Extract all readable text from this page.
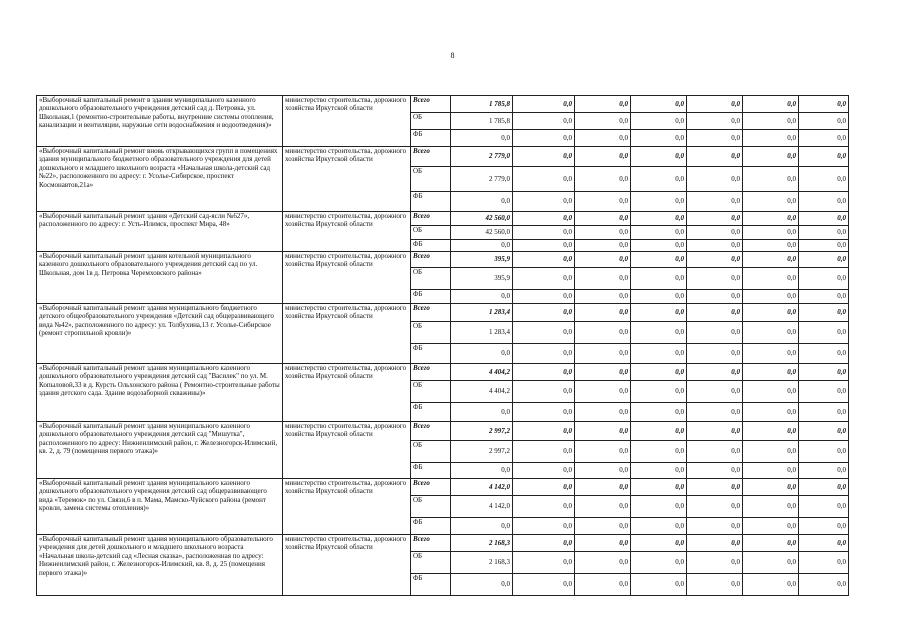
8
«Выборочный капитальный ремонт в здании муниципального казенного дошкольного образовательного учреждения детский сад д. Петровка, ул. Школьная,1 (ремонтно-строительные работы, внутренние системы отопления, канализации и вентиляции, наружные сети водоснабжения и водоотведения)»	министерство строительства, дорожного хозяйства Иркутской области	Всего	1 785,8	0,0	0,0	0,0	0,0	0,0	0,0	
		ОБ	1 785,8	0,0	0,0	0,0	0,0	0,0	0,0	
		ФБ	0,0	0,0	0,0	0,0	0,0	0,0	0,0	
«Выборочный капитальный ремонт вновь открывающихся групп в помещениях здания муниципального бюджетного образовательного учреждения для детей дошкольного и младшего школьного возраста «Начальная школа-детский сад №22», расположенного по адресу: г. Усолье-Сибирское, проспект Космонавтов,21а»	министерство строительства, дорожного хозяйства Иркутской области	Всего	2 779,0	0,0	0,0	0,0	0,0	0,0	0,0	
		ОБ	2 779,0	0,0	0,0	0,0	0,0	0,0	0,0	
		ФБ	0,0	0,0	0,0	0,0	0,0	0,0	0,0	
«Выборочный капитальный ремонт здания «Детский сад-ясли №627», расположенного по адресу: г. Усть-Илимск, проспект Мира, 48»	министерство строительства, дорожного хозяйства Иркутской области	Всего	42 560,0	0,0	0,0	0,0	0,0	0,0	0,0	
		ОБ	42 560,0	0,0	0,0	0,0	0,0	0,0	0,0	
		ФБ	0,0	0,0	0,0	0,0	0,0	0,0	0,0	
«Выборочный капитальный ремонт здания котельной муниципального казенного дошкольного образовательного учреждения детский сад по ул. Школьная, дом 1в д. Петровка Черемховского района»	министерство строительства, дорожного хозяйства Иркутской области	Всего	395,9	0,0	0,0	0,0	0,0	0,0	0,0	
		ОБ	395,9	0,0	0,0	0,0	0,0	0,0	0,0	
		ФБ	0,0	0,0	0,0	0,0	0,0	0,0	0,0	
«Выборочный капитальный ремонт здания муниципального бюджетного детского общеобразовательного учреждения «Детский сад общеразвивающего вида №42», расположенного по адресу: ул. Толбухина,13 г. Усолье-Сибирское (ремонт стропильной кровли)»	министерство строительства, дорожного хозяйства Иркутской области	Всего	1 283,4	0,0	0,0	0,0	0,0	0,0	0,0	
		ОБ	1 283,4	0,0	0,0	0,0	0,0	0,0	0,0	
		ФБ	0,0	0,0	0,0	0,0	0,0	0,0	0,0	
«Выборочный капитальный ремонт здания муниципального казенного дошкольного образовательного учреждения детский сад "Василек" по ул. М. Копыловой,33 в д. Курсть Ольхонского района ( Ремонтно-строительные работы здания детского сада. Здание водозаборной скважины)»	министерство строительства, дорожного хозяйства Иркутской области	Всего	4 404,2	0,0	0,0	0,0	0,0	0,0	0,0	
		ОБ	4 404,2	0,0	0,0	0,0	0,0	0,0	0,0	
		ФБ	0,0	0,0	0,0	0,0	0,0	0,0	0,0	
«Выборочный капитальный ремонт здания муниципального казенного дошкольного образовательного учреждения детский сад "Мишутка", расположенного по адресу: Нижнеилимский район, г. Железногорск-Илимский, кв. 2, д. 79 (помещения первого этажа)»	министерство строительства, дорожного хозяйства Иркутской области	Всего	2 997,2	0,0	0,0	0,0	0,0	0,0	0,0	
		ОБ	2 997,2	0,0	0,0	0,0	0,0	0,0	0,0	
		ФБ	0,0	0,0	0,0	0,0	0,0	0,0	0,0	
«Выборочный капитальный ремонт здания муниципального казенного дошкольного образовательного учреждения детский сад общеразвивающего вида «Теремок» по ул. Связи,6 в п. Мама, Мамско-Чуйского района (ремонт кровли, замена системы отопления)»	министерство строительства, дорожного хозяйства Иркутской области	Всего	4 142,0	0,0	0,0	0,0	0,0	0,0	0,0	
		ОБ	4 142,0	0,0	0,0	0,0	0,0	0,0	0,0	
		ФБ	0,0	0,0	0,0	0,0	0,0	0,0	0,0	
«Выборочный капитальный ремонт здания муниципального образовательного учреждения для детей дошкольного и младшего школьного возраста «Начальная школа-детский сад «Лесная сказка», расположенная по адресу: Нижнеилимский район, г. Железногорск-Илимский, кв. 8, д. 25 (помещения первого этажа)»	министерство строительства, дорожного хозяйства Иркутской области	Всего	2 168,3	0,0	0,0	0,0	0,0	0,0	0,0	
		ОБ	2 168,3	0,0	0,0	0,0	0,0	0,0	0,0	
		ФБ	0,0	0,0	0,0	0,0	0,0	0,0	0,0	
